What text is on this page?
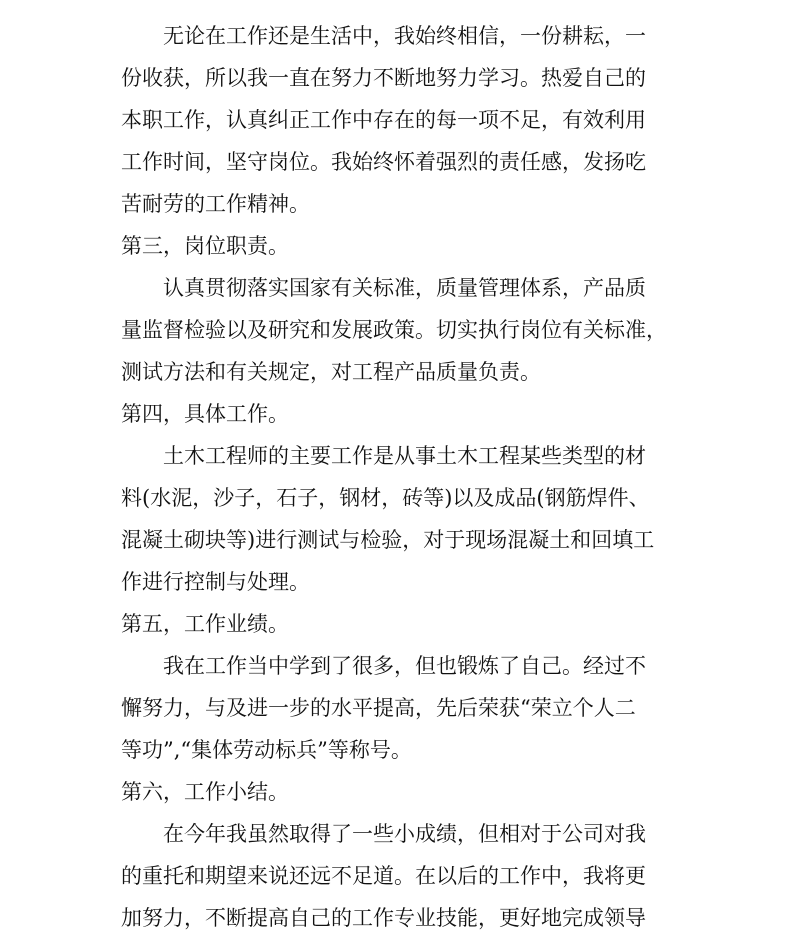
无论在工作还是生活中，我始终相信，一份耕耘，一
份收获，所以我一直在努力不断地努力学习。热爱自己的
本职工作，认真纠正工作中存在的每一项不足，有效利用
工作时间，坚守岗位。我始终怀着强烈的责任感，发扬吃
苦耐劳的工作精神。
第三，岗位职责。
认真贯彻落实国家有关标准，质量管理体系，产品质
量监督检验以及研究和发展政策。切实执行岗位有关标准，
测试方法和有关规定，对工程产品质量负责。
第四，具体工作。
土木工程师的主要工作是从事土木工程某些类型的材
料(水泥，沙子，石子，钢材，砖等)以及成品(钢筋焊件、
混凝土砌块等)进行测试与检验，对于现场混凝土和回填工
作进行控制与处理。
第五，工作业绩。
我在工作当中学到了很多，但也锻炼了自己。经过不
懈努力，与及进一步的水平提高，先后荣获“荣立个人二
等功”,“集体劳动标兵”等称号。
第六，工作小结。
在今年我虽然取得了一些小成绩，但相对于公司对我
的重托和期望来说还远不足道。在以后的工作中，我将更
加努力，不断提高自己的工作专业技能，更好地完成领导
